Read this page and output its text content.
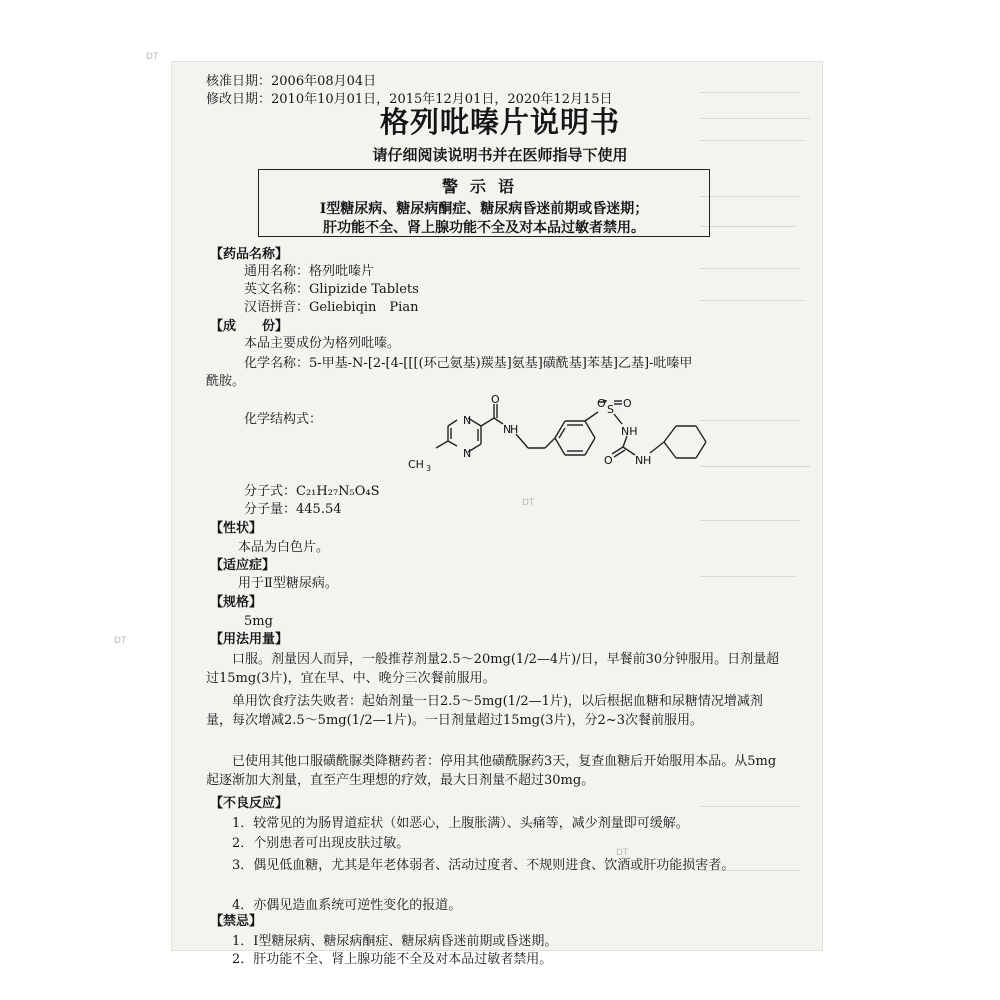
DT
DT
DT
DT
核准日期：2006年08月04日
修改日期：2010年10月01日，2015年12月01日，2020年12月15日
格列吡嗪片说明书
请仔细阅读说明书并在医师指导下使用
警示语
Ⅰ型糖尿病、糖尿病酮症、糖尿病昏迷前期或昏迷期；
肝功能不全、肾上腺功能不全及对本品过敏者禁用。
【药品名称】
通用名称：格列吡嗪片
英文名称：Glipizide Tablets
汉语拼音：Geliebiqin　Pian
【成　　份】
本品主要成份为格列吡嗪。
化学名称：5-甲基-N-[2-[4-[[[(环己氨基)羰基]氨基]磺酰基]苯基]乙基]-吡嗪甲
酰胺。
化学结构式：	N
N
O
N
H
O S O
NH
O N H
CH 3
分子式：C₂₁H₂₇N₅O₄S
分子量：445.54
【性状】
本品为白色片。
【适应症】
用于Ⅱ型糖尿病。
【规格】
5mg
【用法用量】
口服。剂量因人而异，一般推荐剂量2.5～20mg(1/2—4片)/日，早餐前30分钟服用。日剂量超过15mg(3片)，宜在早、中、晚分三次餐前服用。
单用饮食疗法失败者：起始剂量一日2.5～5mg(1/2—1片)，以后根据血糖和尿糖情况增减剂量，每次增减2.5～5mg(1/2—1片)。一日剂量超过15mg(3片)，分2~3次餐前服用。
已使用其他口服磺酰脲类降糖药者：停用其他磺酰脲药3天，复查血糖后开始服用本品。从5mg起逐渐加大剂量，直至产生理想的疗效，最大日剂量不超过30mg。
【不良反应】
1．较常见的为肠胃道症状（如恶心，上腹胀满）、头痛等，减少剂量即可缓解。
2．个别患者可出现皮肤过敏。
3．偶见低血糖，尤其是年老体弱者、活动过度者、不规则进食、饮酒或肝功能损害者。
4．亦偶见造血系统可逆性变化的报道。
【禁忌】
1．Ⅰ型糖尿病、糖尿病酮症、糖尿病昏迷前期或昏迷期。
2．肝功能不全、肾上腺功能不全及对本品过敏者禁用。
